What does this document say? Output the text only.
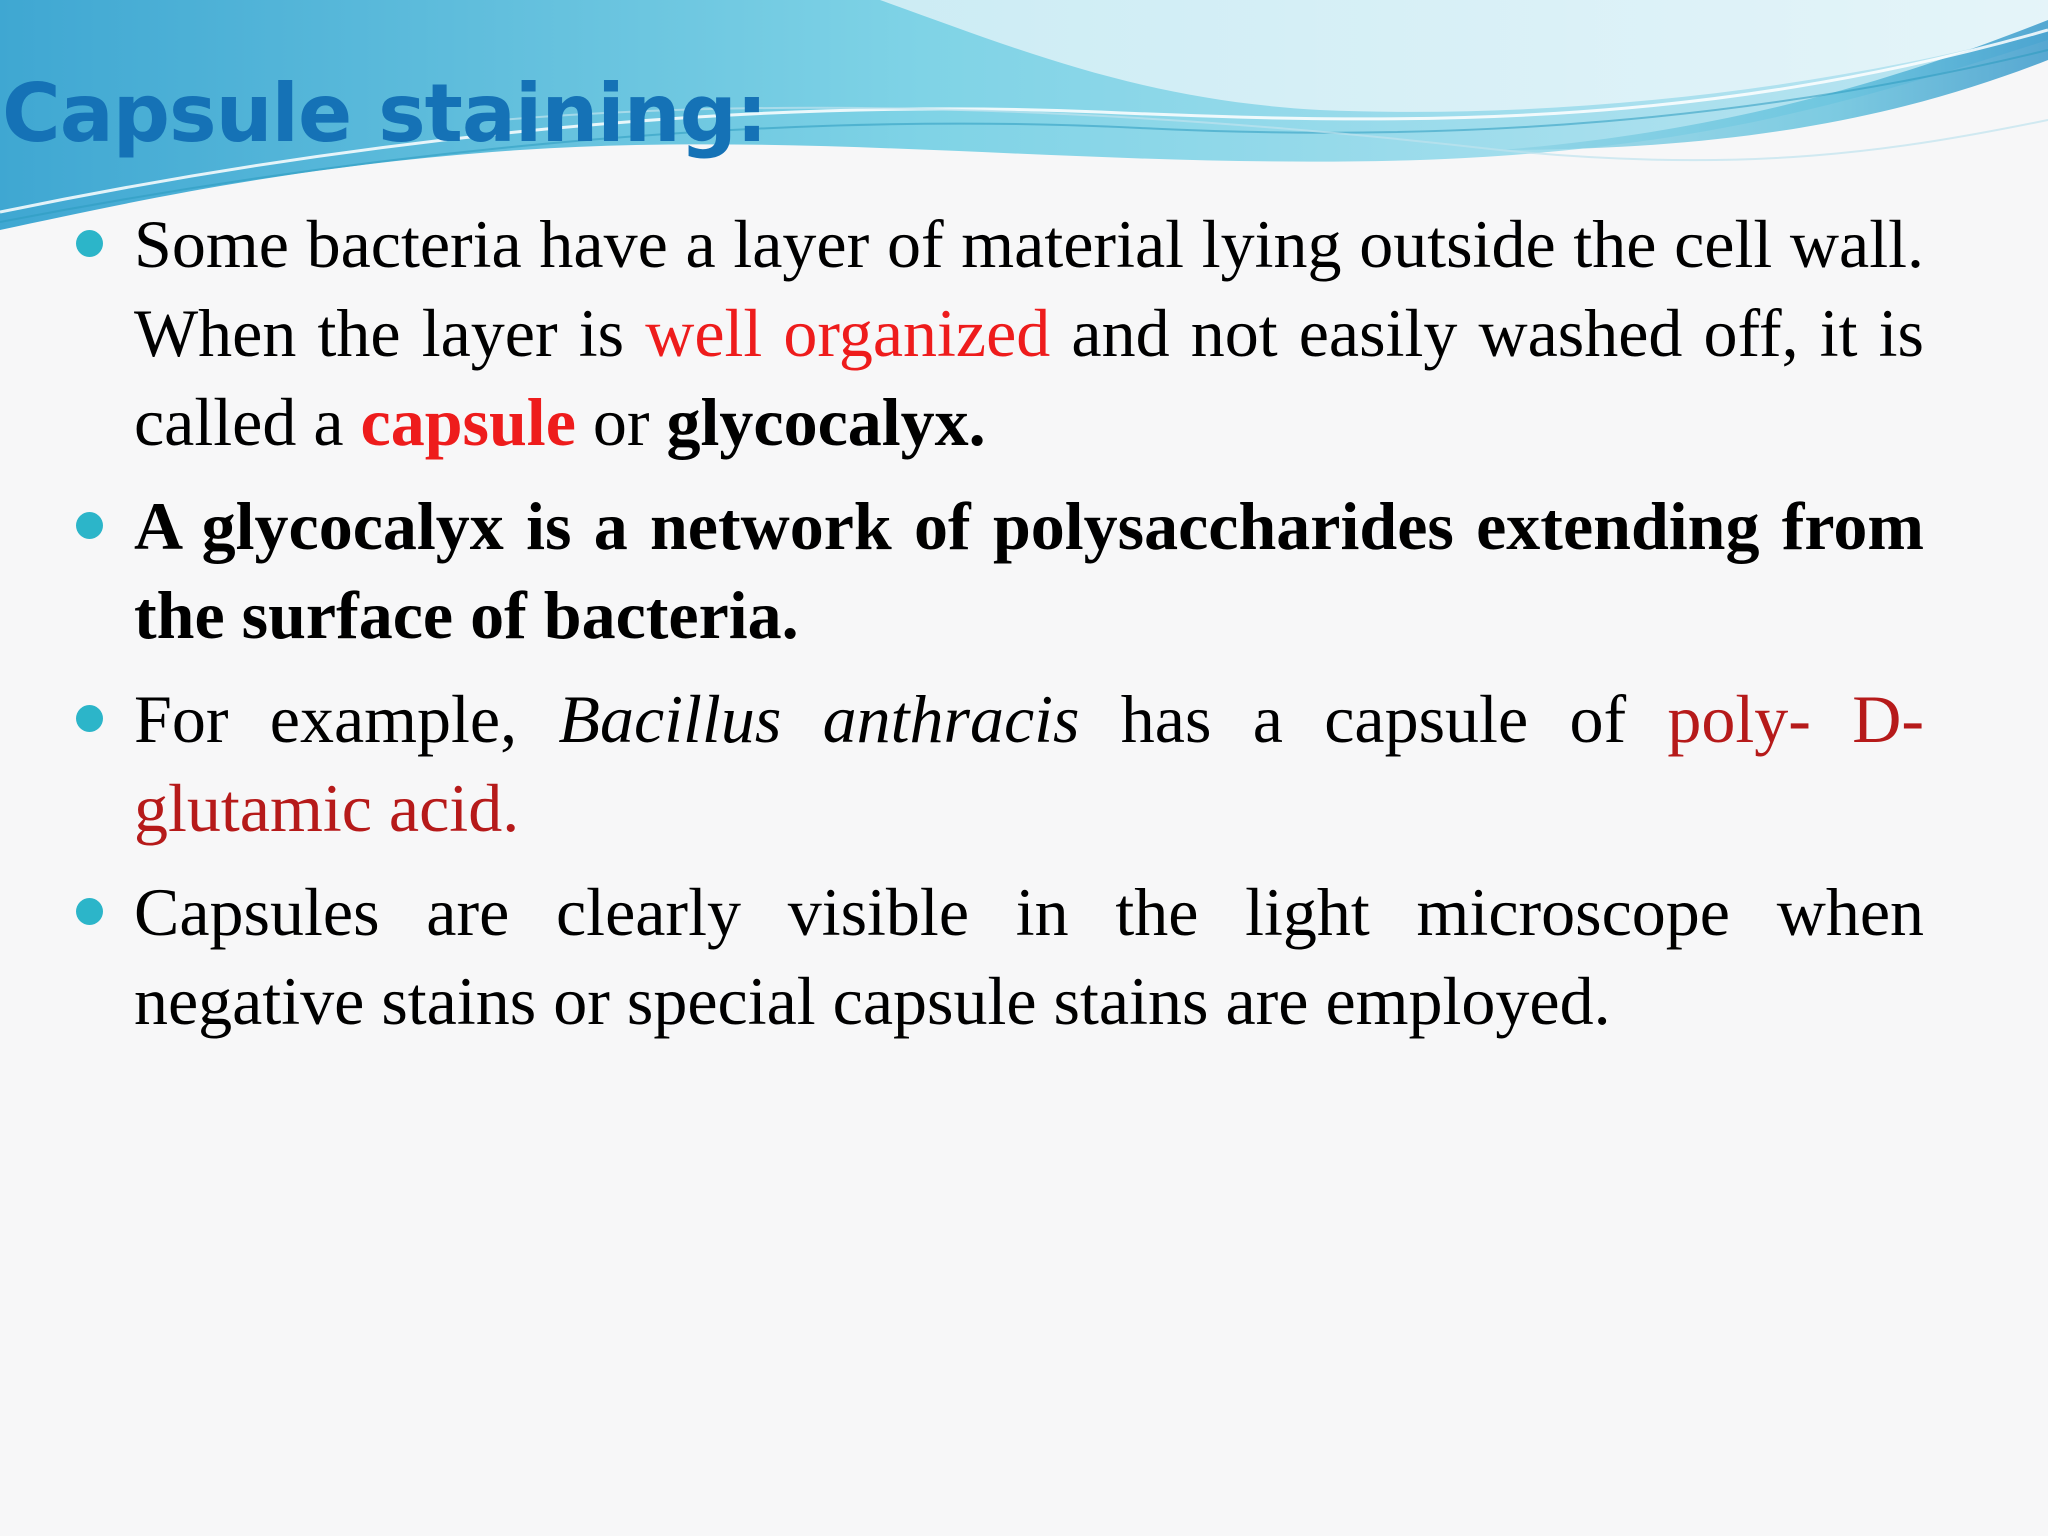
Capsule staining:
Some bacteria have a layer of material lying outside the cell wall. When the layer is well organized and not easily washed off, it is called a capsule or glycocalyx.
A glycocalyx is a network of polysaccharides extending from the surface of bacteria.
For example, Bacillus anthracis has a capsule of poly- D-glutamic acid.
Capsules are clearly visible in the light microscope when negative stains or special capsule stains are employed.
